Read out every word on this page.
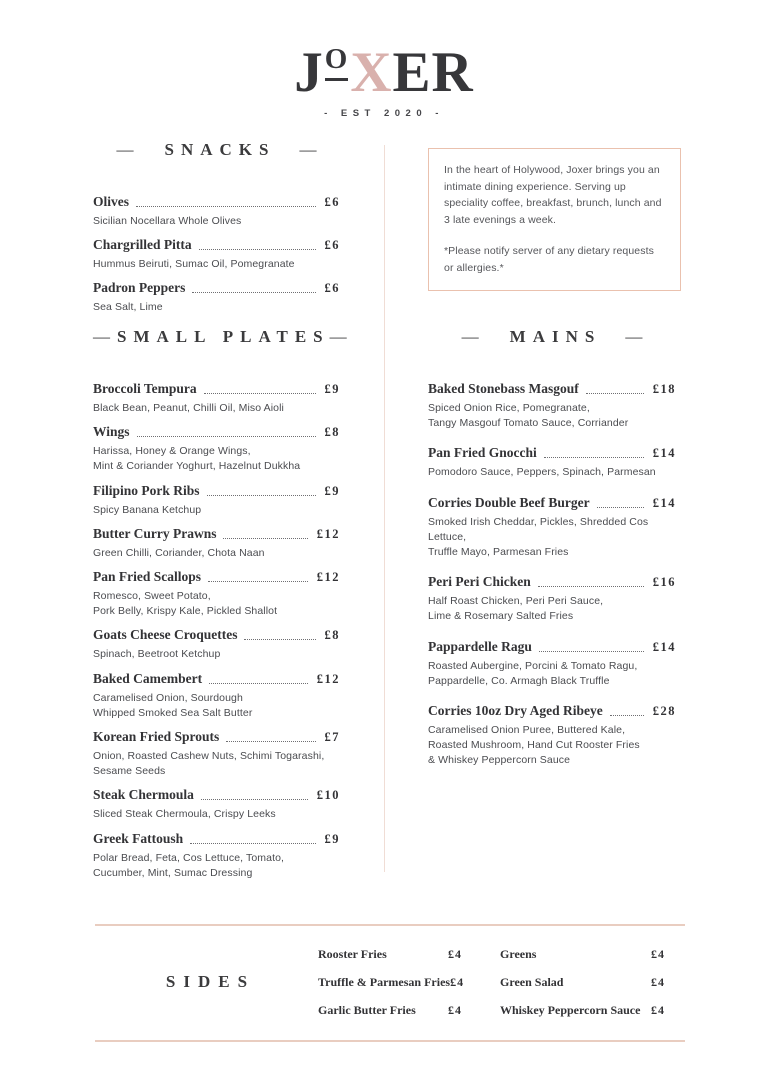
JOXER
- EST 2020 -
—	SNACKS —
Olives	£6
Sicilian Nocellara Whole Olives
Chargrilled Pitta	£6
Hummus Beiruti, Sumac Oil, Pomegranate
Padron Peppers	£6
Sea Salt, Lime
— SMALL PLATES —
Broccoli Tempura	£9
Black Bean, Peanut, Chilli Oil, Miso Aioli
Wings	£8
Harissa, Honey & Orange Wings,
Mint & Coriander Yoghurt, Hazelnut Dukkha
Filipino Pork Ribs	£9
Spicy Banana Ketchup
Butter Curry Prawns	£12
Green Chilli, Coriander, Chota Naan
Pan Fried Scallops	£12
Romesco, Sweet Potato,
Pork Belly, Krispy Kale, Pickled Shallot
Goats Cheese Croquettes	£8
Spinach, Beetroot Ketchup
Baked Camembert	£12
Caramelised Onion, Sourdough
Whipped Smoked Sea Salt Butter
Korean Fried Sprouts	£7
Onion, Roasted Cashew Nuts, Schimi Togarashi,
Sesame Seeds
Steak Chermoula	£10
Sliced Steak Chermoula, Crispy Leeks
Greek Fattoush	£9
Polar Bread, Feta, Cos Lettuce, Tomato,
Cucumber, Mint, Sumac Dressing
In the heart of Holywood, Joxer brings you an intimate dining experience. Serving up speciality coffee, breakfast, brunch, lunch and 3 late evenings a week.
*Please notify server of any dietary requests or allergies.*
—	MAINS —
Baked Stonebass Masgouf	£18
Spiced Onion Rice, Pomegranate,
Tangy Masgouf Tomato Sauce, Corriander
Pan Fried Gnocchi	£14
Pomodoro Sauce, Peppers, Spinach, Parmesan
Corries Double Beef Burger	£14
Smoked Irish Cheddar, Pickles, Shredded Cos Lettuce,
Truffle Mayo, Parmesan Fries
Peri Peri Chicken	£16
Half Roast Chicken, Peri Peri Sauce,
Lime & Rosemary Salted Fries
Pappardelle Ragu	£14
Roasted Aubergine, Porcini & Tomato Ragu,
Pappardelle, Co. Armagh Black Truffle
Corries 10oz Dry Aged Ribeye	£28
Caramelised Onion Puree, Buttered Kale,
Roasted Mushroom, Hand Cut Rooster Fries
& Whiskey Peppercorn Sauce
SIDES
Rooster Fries	£4
Truffle & Parmesan Fries £4
Garlic Butter Fries	£4
Greens	£4
Green Salad	£4
Whiskey Peppercorn Sauce £4
